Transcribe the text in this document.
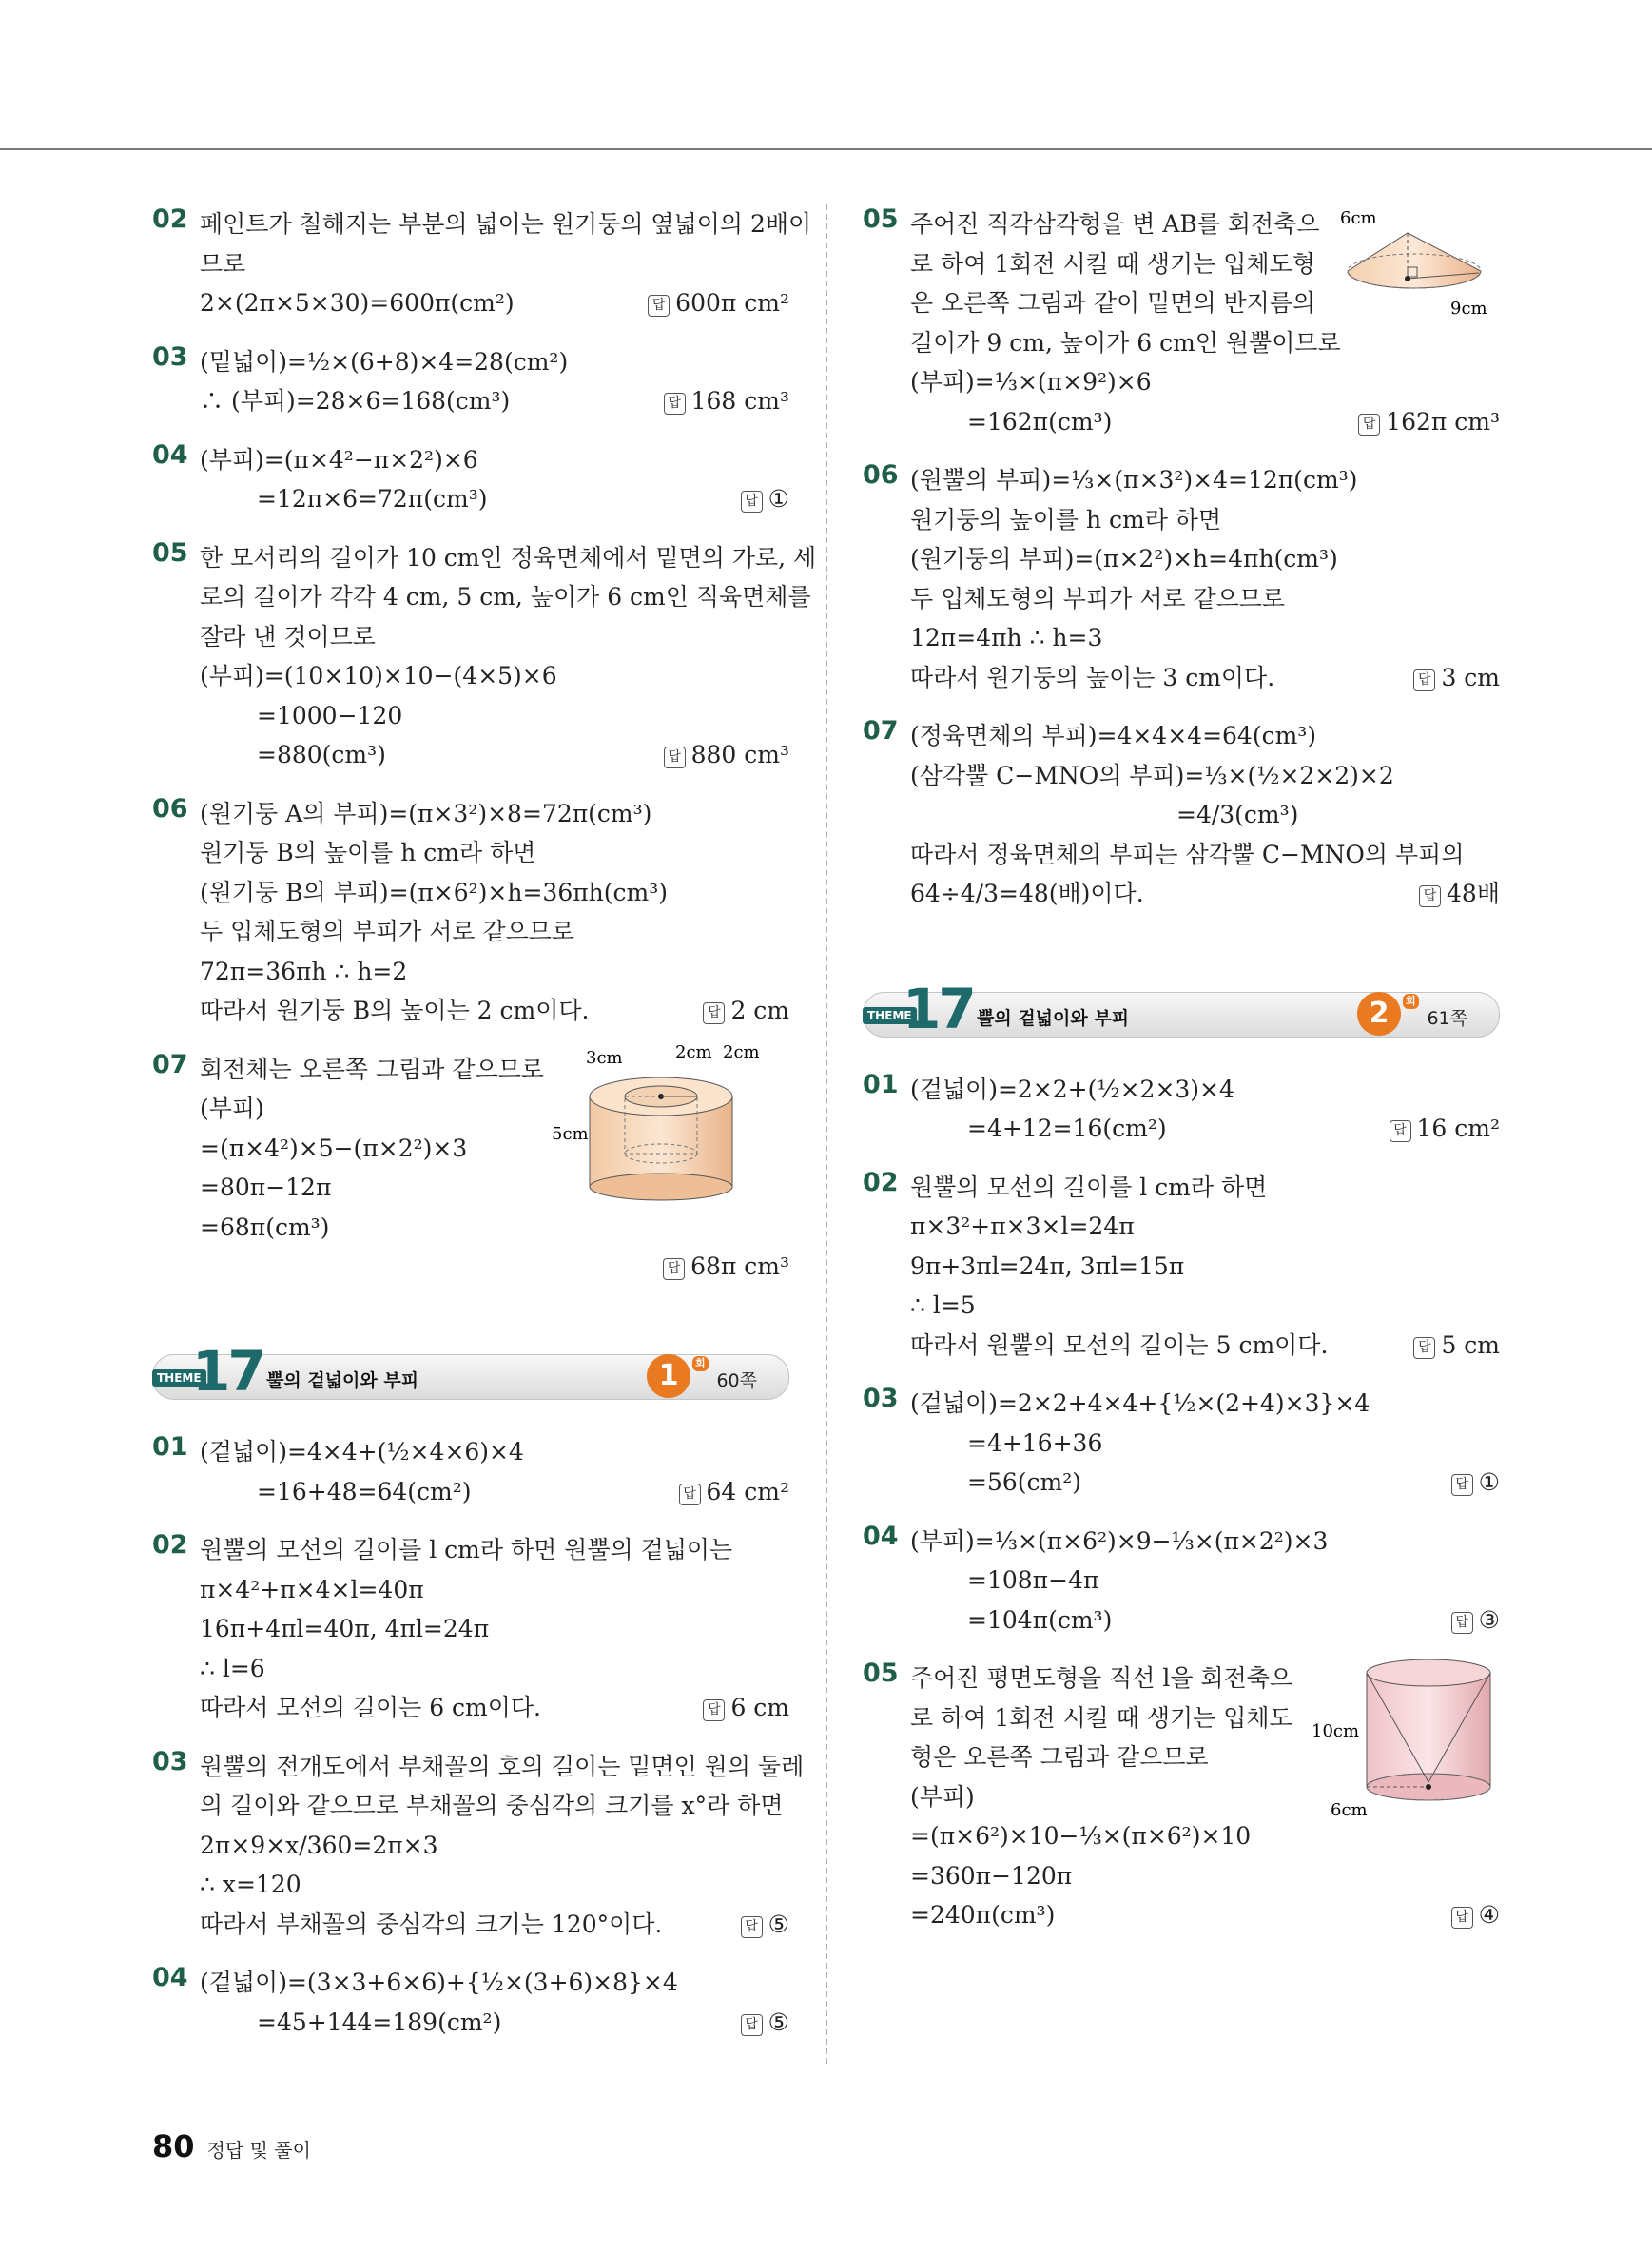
02 페인트가 칠해지는 부분의 넓이는 원기둥의 옆넓이의 2배이
므로
2×(2π×5×30)=600π(cm²)	답 600π cm²
03 (밑넓이)=½×(6+8)×4=28(cm²)
∴ (부피)=28×6=168(cm³)	답 168 cm³
04 (부피)=(π×4²−π×2²)×6
=12π×6=72π(cm³)	답 ①
05 한 모서리의 길이가 10 cm인 정육면체에서 밑면의 가로, 세
로의 길이가 각각 4 cm, 5 cm, 높이가 6 cm인 직육면체를
잘라 낸 것이므로
(부피)=(10×10)×10−(4×5)×6
=1000−120
=880(cm³)	답 880 cm³
06 (원기둥 A의 부피)=(π×3²)×8=72π(cm³)
원기둥 B의 높이를 h cm라 하면
(원기둥 B의 부피)=(π×6²)×h=36πh(cm³)
두 입체도형의 부피가 서로 같으므로
72π=36πh ∴ h=2
따라서 원기둥 B의 높이는 2 cm이다.	답 2 cm
07 회전체는 오른쪽 그림과 같으므로
(부피)
=(π×4²)×5−(π×2²)×3
=80π−12π
=68π(cm³)
답 68π cm³
3cm	2cm 2cm
5cm
THEME
17 뿔의 겉넓이와 부피	1 회
60쪽
01 (겉넓이)=4×4+(½×4×6)×4
=16+48=64(cm²)	답 64 cm²
02 원뿔의 모선의 길이를 l cm라 하면 원뿔의 겉넓이는
π×4²+π×4×l=40π
16π+4πl=40π, 4πl=24π
∴ l=6
따라서 모선의 길이는 6 cm이다.	답 6 cm
03 원뿔의 전개도에서 부채꼴의 호의 길이는 밑면인 원의 둘레
의 길이와 같으므로 부채꼴의 중심각의 크기를 x°라 하면
2π×9×x/360=2π×3
∴ x=120
따라서 부채꼴의 중심각의 크기는 120°이다.	답 ⑤
04 (겉넓이)=(3×3+6×6)+{½×(3+6)×8}×4
=45+144=189(cm²)	답 ⑤
05 주어진 직각삼각형을 변 AB를 회전축으
로 하여 1회전 시킬 때 생기는 입체도형
은 오른쪽 그림과 같이 밑면의 반지름의
길이가 9 cm, 높이가 6 cm인 원뿔이므로
(부피)=⅓×(π×9²)×6
=162π(cm³)	답 162π cm³
6cm
9cm
06 (원뿔의 부피)=⅓×(π×3²)×4=12π(cm³)
원기둥의 높이를 h cm라 하면
(원기둥의 부피)=(π×2²)×h=4πh(cm³)
두 입체도형의 부피가 서로 같으므로
12π=4πh ∴ h=3
따라서 원기둥의 높이는 3 cm이다.	답 3 cm
07 (정육면체의 부피)=4×4×4=64(cm³)
(삼각뿔 C−MNO의 부피)=⅓×(½×2×2)×2
=4/3(cm³)
따라서 정육면체의 부피는 삼각뿔 C−MNO의 부피의
64÷4/3=48(배)이다.	답 48배
THEME
17 뿔의 겉넓이와 부피	2 회
61쪽
01 (겉넓이)=2×2+(½×2×3)×4
=4+12=16(cm²)	답 16 cm²
02 원뿔의 모선의 길이를 l cm라 하면
π×3²+π×3×l=24π
9π+3πl=24π, 3πl=15π
∴ l=5
따라서 원뿔의 모선의 길이는 5 cm이다.	답 5 cm
03 (겉넓이)=2×2+4×4+{½×(2+4)×3}×4
=4+16+36
=56(cm²)	답 ①
04 (부피)=⅓×(π×6²)×9−⅓×(π×2²)×3
=108π−4π
=104π(cm³)	답 ③
05 주어진 평면도형을 직선 l을 회전축으
로 하여 1회전 시킬 때 생기는 입체도
형은 오른쪽 그림과 같으므로
(부피)
=(π×6²)×10−⅓×(π×6²)×10
=360π−120π
=240π(cm³)	답 ④
10cm
6cm
80 정답 및 풀이
